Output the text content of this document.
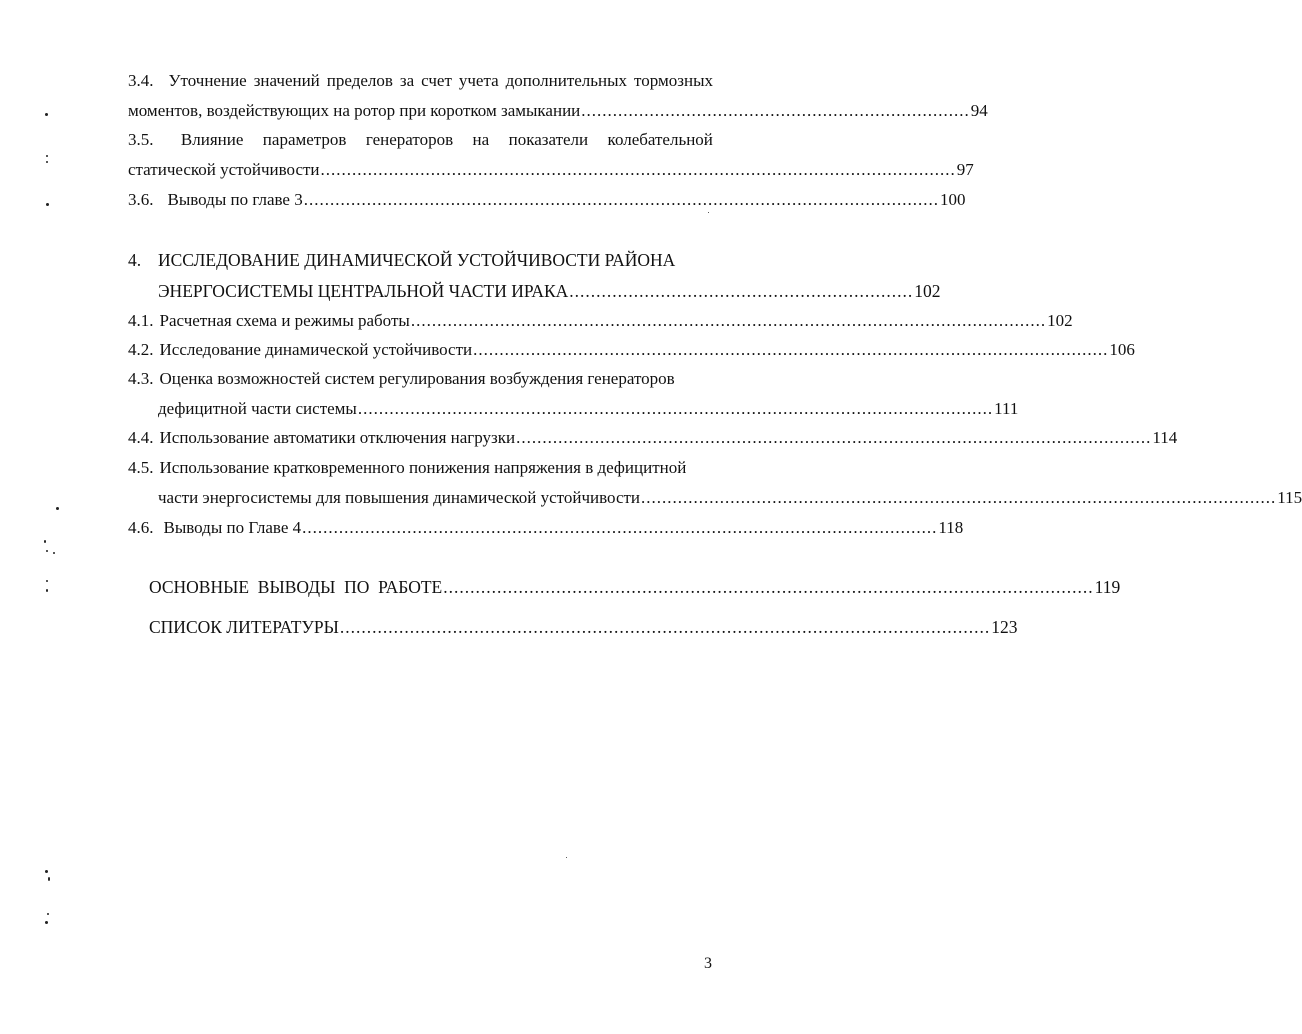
3.4. Уточнение значений пределов за счет учета дополнительных тормозных
моментов, воздействующих на ротор при коротком замыкании .......................................................................... 94
3.5. Влияние параметров генераторов на показатели колебательной
статической устойчивости ......................................................................................................................... 97
3.6. Выводы по главе 3 ......................................................................................................................... 100
4. ИССЛЕДОВАНИЕ ДИНАМИЧЕСКОЙ УСТОЙЧИВОСТИ РАЙОНА
ЭНЕРГОСИСТЕМЫ ЦЕНТРАЛЬНОЙ ЧАСТИ ИРАКА ................................................................ 102
4.1. Расчетная схема и режимы работы ......................................................................................................................... 102
4.2. Исследование динамической устойчивости ......................................................................................................................... 106
4.3. Оценка возможностей систем регулирования возбуждения генераторов
дефицитной части системы ......................................................................................................................... 111
4.4. Использование автоматики отключения нагрузки ......................................................................................................................... 114
4.5. Использование кратковременного понижения напряжения в дефицитной
части энергосистемы для повышения динамической устойчивости ......................................................................................................................... 115
4.6. Выводы по Главе 4 ......................................................................................................................... 118
ОСНОВНЫЕ  ВЫВОДЫ  ПО  РАБОТЕ ......................................................................................................................... 119
СПИСОК ЛИТЕРАТУРЫ ......................................................................................................................... 123
3
